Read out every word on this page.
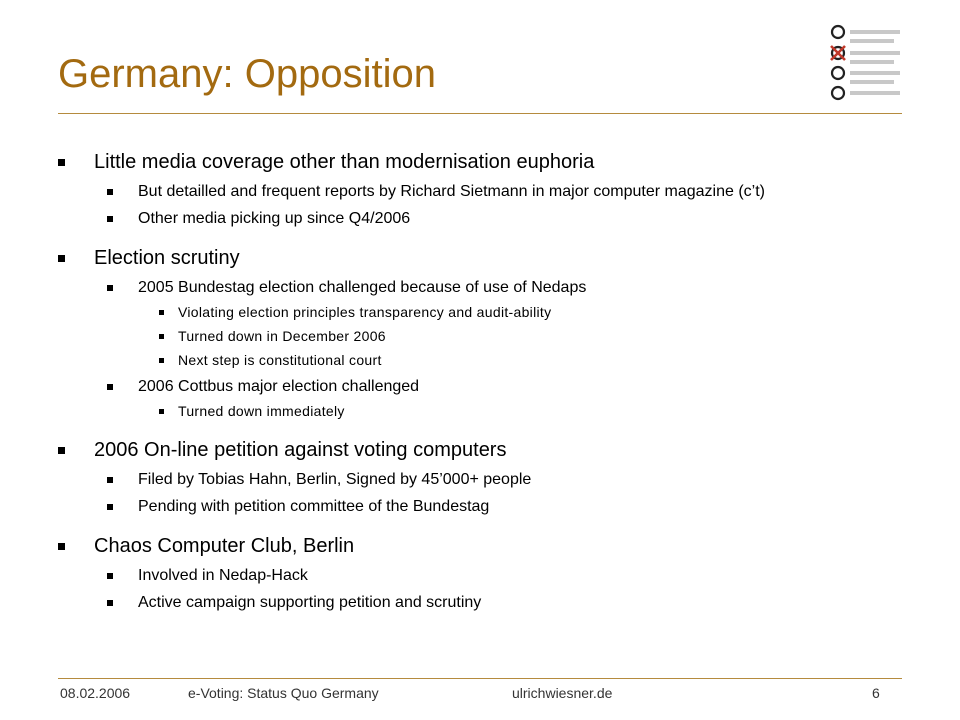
Germany: Opposition
Little media coverage other than modernisation euphoria
But detailled and frequent reports by Richard Sietmann in major computer magazine (c’t)
Other media picking up since Q4/2006
Election scrutiny
2005 Bundestag election challenged because of use of Nedaps
Violating election principles transparency and audit-ability
Turned down in December 2006
Next step is constitutional court
2006 Cottbus major election challenged
Turned down immediately
2006 On-line petition against voting computers
Filed by Tobias Hahn, Berlin, Signed by 45’000+ people
Pending with petition committee of the Bundestag
Chaos Computer Club, Berlin
Involved in Nedap-Hack
Active campaign supporting petition and scrutiny
08.02.2006	e-Voting: Status Quo Germany	ulrichwiesner.de	6
